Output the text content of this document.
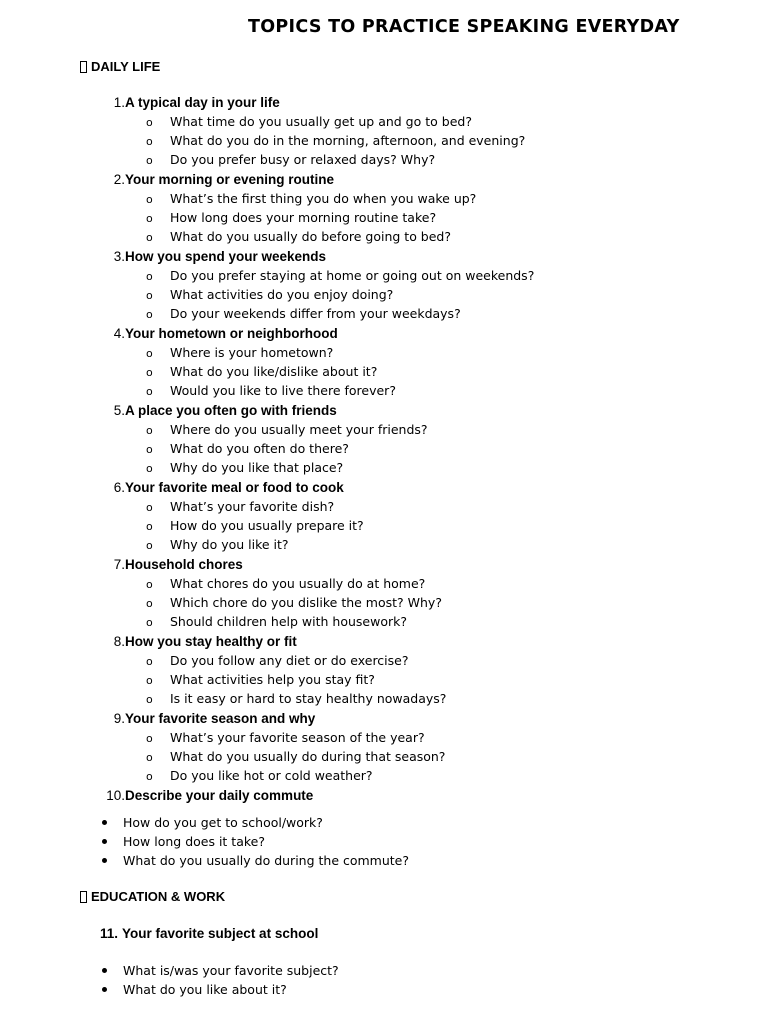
TOPICS TO PRACTICE SPEAKING EVERYDAY
DAILY LIFE
1.A typical day in your life
o What time do you usually get up and go to bed?
o What do you do in the morning, afternoon, and evening?
o Do you prefer busy or relaxed days? Why?
2.Your morning or evening routine
o What’s the first thing you do when you wake up?
o How long does your morning routine take?
o What do you usually do before going to bed?
3.How you spend your weekends
o Do you prefer staying at home or going out on weekends?
o What activities do you enjoy doing?
o Do your weekends differ from your weekdays?
4.Your hometown or neighborhood
o Where is your hometown?
o What do you like/dislike about it?
o Would you like to live there forever?
5.A place you often go with friends
o Where do you usually meet your friends?
o What do you often do there?
o Why do you like that place?
6.Your favorite meal or food to cook
o What’s your favorite dish?
o How do you usually prepare it?
o Why do you like it?
7.Household chores
o What chores do you usually do at home?
o Which chore do you dislike the most? Why?
o Should children help with housework?
8.How you stay healthy or fit
o Do you follow any diet or do exercise?
o What activities help you stay fit?
o Is it easy or hard to stay healthy nowadays?
9.Your favorite season and why
o What’s your favorite season of the year?
o What do you usually do during that season?
o Do you like hot or cold weather?
10.Describe your daily commute
How do you get to school/work?
How long does it take?
What do you usually do during the commute?
EDUCATION & WORK
11. Your favorite subject at school
What is/was your favorite subject?
What do you like about it?
